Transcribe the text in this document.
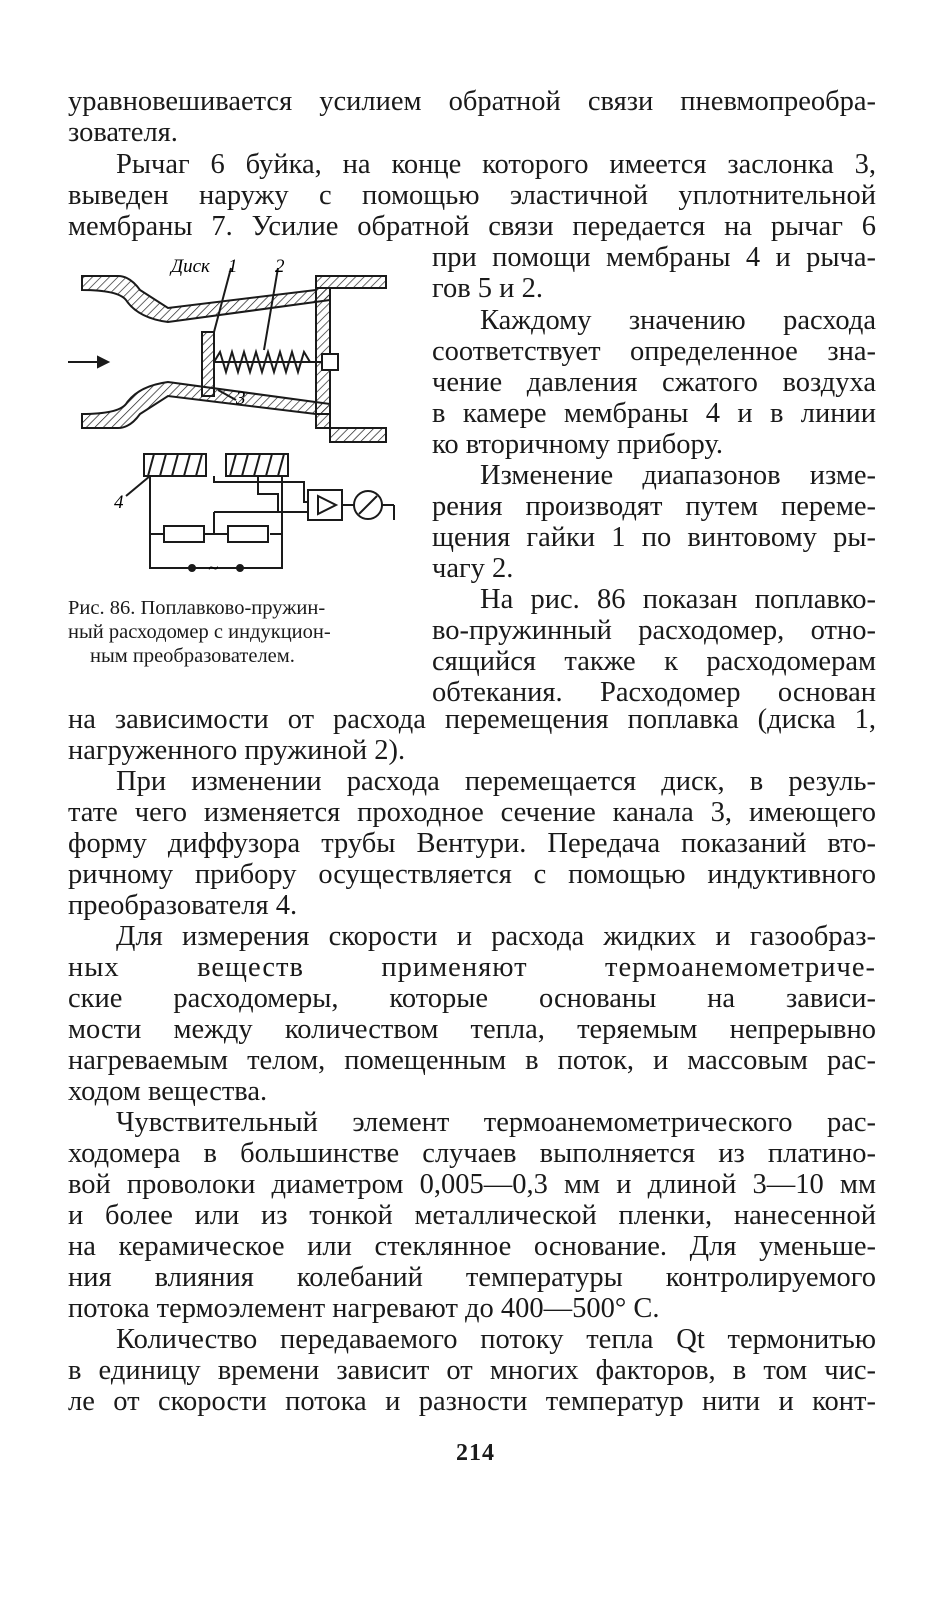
уравновешивается усилием обратной связи пневмопреобра-
зователя.
Рычаг 6 буйка, на конце которого имеется заслонка 3,
выведен наружу с помощью эластичной уплотнительной
мембраны 7. Усилие обратной связи передается на рычаг 6
при помощи мембраны 4 и рыча-
гов 5 и 2.
Каждому значению расхода
соответствует определенное зна-
чение давления сжатого воздуха
в камере мембраны 4 и в линии
ко вторичному прибору.
Изменение диапазонов изме-
рения производят путем переме-
щения гайки 1 по винтовому ры-
чагу 2.
На рис. 86 показан поплавко-
во-пружинный расходомер, отно-
сящийся также к расходомерам
обтекания. Расходомер основан
Рис. 86. Поплавково-пружин-
ный расходомер с индукцион-
ным преобразователем.
Диск 1 2
3
4
~
на зависимости от расхода перемещения поплавка (диска 1,
нагруженного пружиной 2).
При изменении расхода перемещается диск, в резуль-
тате чего изменяется проходное сечение канала 3, имеющего
форму диффузора трубы Вентури. Передача показаний вто-
ричному прибору осуществляется с помощью индуктивного
преобразователя 4.
Для измерения скорости и расхода жидких и газообраз-
ных веществ применяют термоанемометриче-
ские расходомеры, которые основаны на зависи-
мости между количеством тепла, теряемым непрерывно
нагреваемым телом, помещенным в поток, и массовым рас-
ходом вещества.
Чувствительный элемент термоанемометрического рас-
ходомера в большинстве случаев выполняется из платино-
вой проволоки диаметром 0,005—0,3 мм и длиной 3—10 мм
и более или из тонкой металлической пленки, нанесенной
на керамическое или стеклянное основание. Для уменьше-
ния влияния колебаний температуры контролируемого
потока термоэлемент нагревают до 400—500° С.
Количество передаваемого потоку тепла Qt термонитью
в единицу времени зависит от многих факторов, в том чис-
ле от скорости потока и разности температур нити и конт-
214
